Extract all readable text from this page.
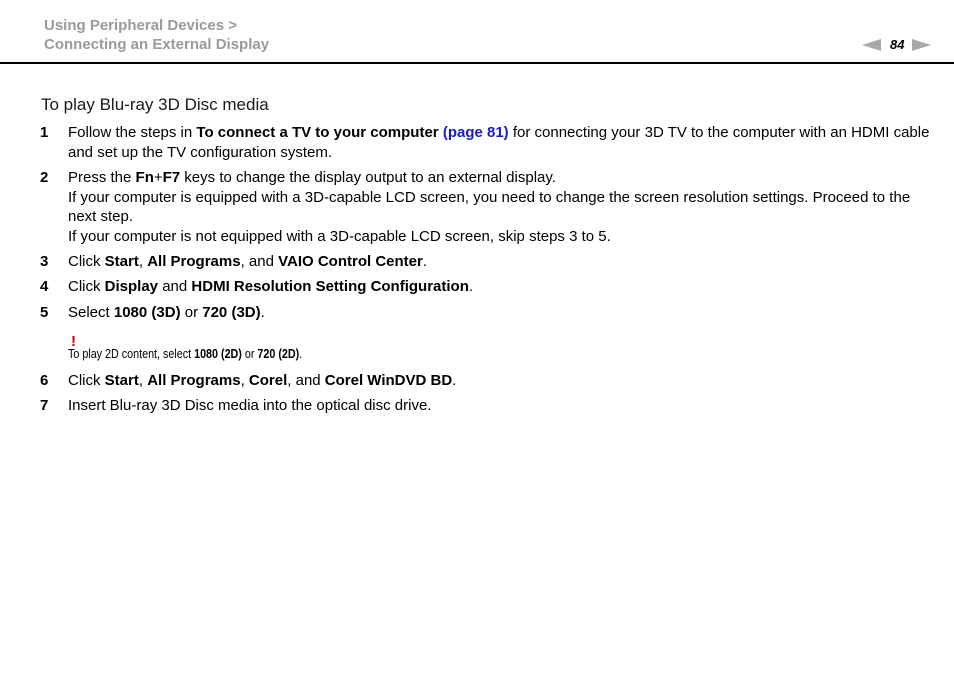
Using Peripheral Devices >
Connecting an External Display	84
To play Blu-ray 3D Disc media
1	Follow the steps in To connect a TV to your computer (page 81) for connecting your 3D TV to the computer with an HDMI cable and set up the TV configuration system.
2	Press the Fn+F7 keys to change the display output to an external display.

If your computer is equipped with a 3D-capable LCD screen, you need to change the screen resolution settings. Proceed to the next step.

If your computer is not equipped with a 3D-capable LCD screen, skip steps 3 to 5.

3	Click Start, All Programs, and VAIO Control Center.
4	Click Display and HDMI Resolution Setting Configuration.
5	Select 1080 (3D) or 720 (3D).
!
To play 2D content, select 1080 (2D) or 720 (2D).
6	Click Start, All Programs, Corel, and Corel WinDVD BD.
7	Insert Blu-ray 3D Disc media into the optical disc drive.
